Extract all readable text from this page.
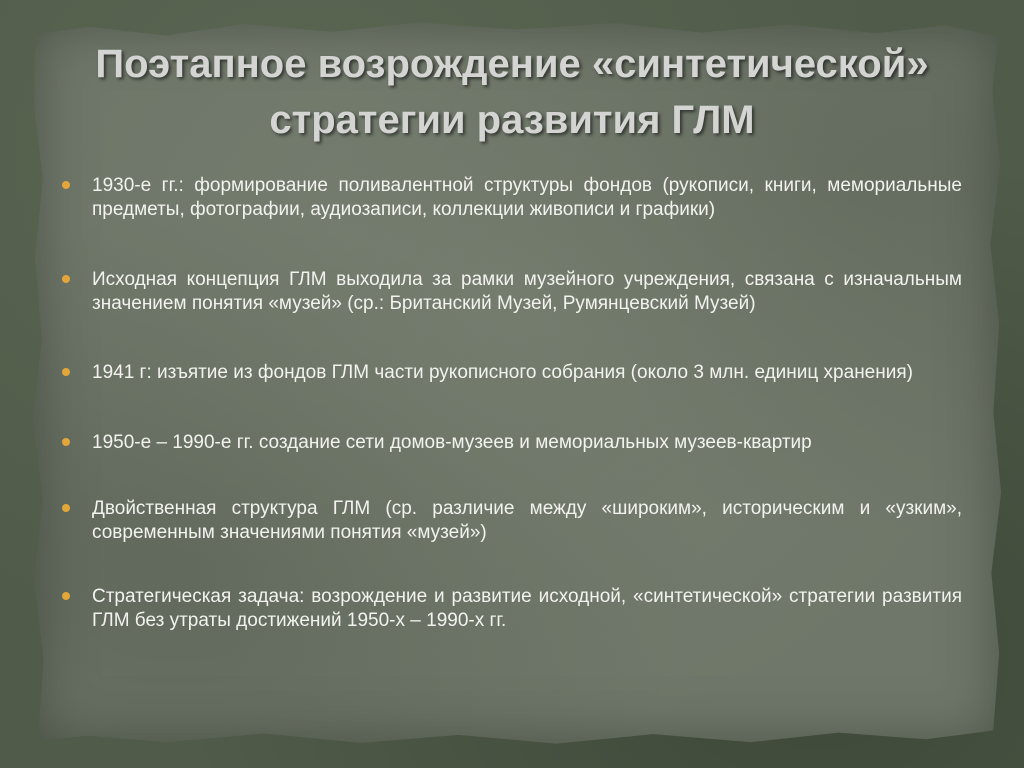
Поэтапное возрождение «синтетической»
стратегии развития ГЛМ
1930-е гг.: формирование поливалентной структуры фондов (рукописи, книги, мемориальные предметы, фотографии, аудиозаписи, коллекции живописи и графики)
Исходная концепция ГЛМ выходила за рамки музейного учреждения, связана с изначальным значением понятия «музей» (ср.: Британский Музей, Румянцевский Музей)
1941 г: изъятие из фондов ГЛМ части рукописного собрания (около 3 млн. единиц хранения)
1950-е – 1990-е гг. создание сети домов-музеев и мемориальных музеев-квартир
Двойственная структура ГЛМ (ср. различие между «широким», историческим и «узким», современным значениями понятия «музей»)
Стратегическая задача: возрождение и развитие исходной, «синтетической» стратегии развития ГЛМ без утраты достижений 1950-х – 1990-х гг.
